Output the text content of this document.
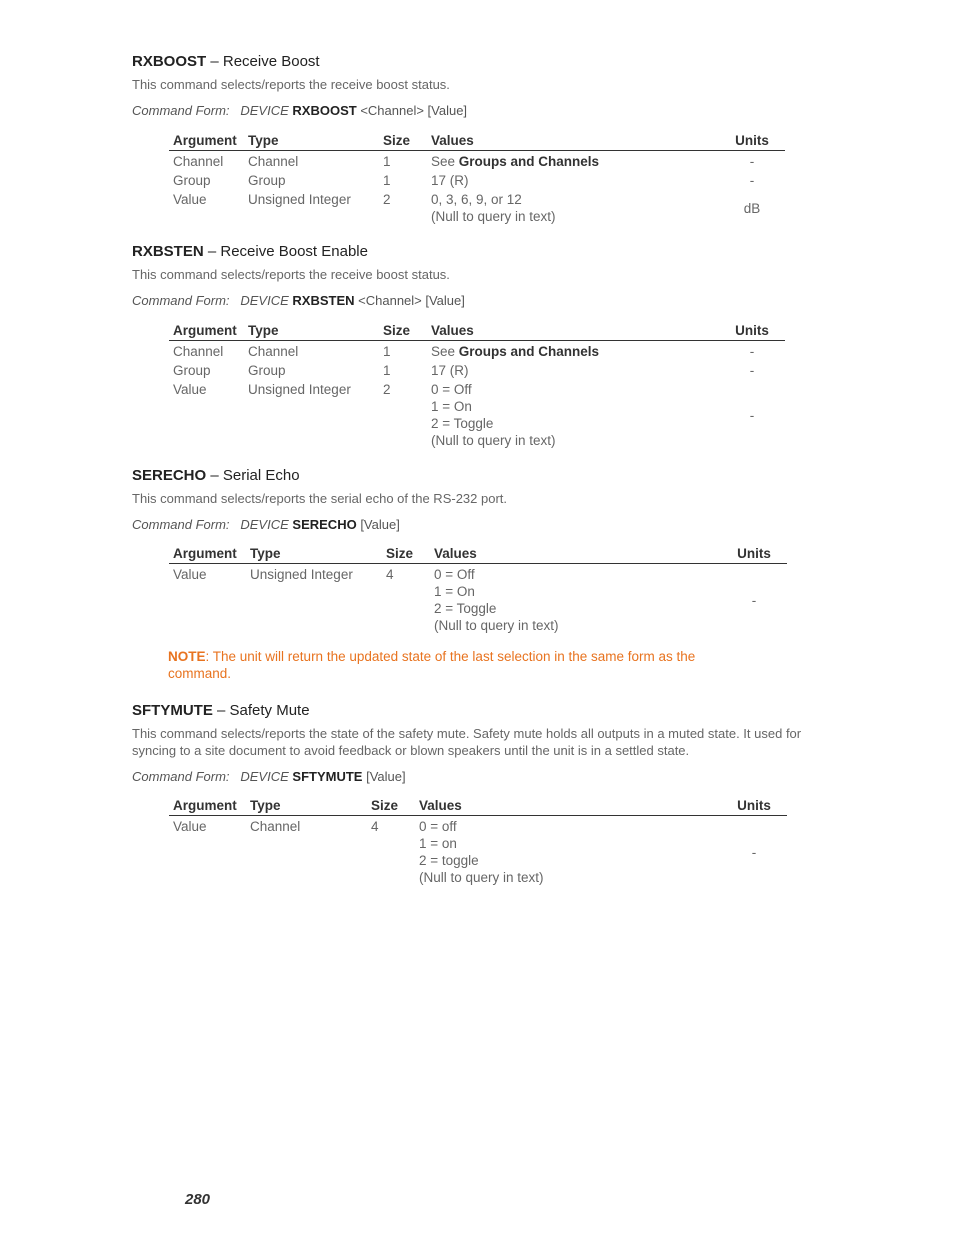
RXBOOST – Receive Boost
This command selects/reports the receive boost status.
Command Form: DEVICE RXBOOST <Channel> [Value]
Argument	Type	Size	Values	Units
Channel	Channel	1	See Groups and Channels	-
Group	Group	1	17 (R)	-
Value	Unsigned Integer	2	0, 3, 6, 9, or 12
(Null to query in text)	dB
RXBSTEN – Receive Boost Enable
This command selects/reports the receive boost status.
Command Form: DEVICE RXBSTEN <Channel> [Value]
Argument	Type	Size	Values	Units
Channel	Channel	1	See Groups and Channels	-
Group	Group	1	17 (R)	-
Value	Unsigned Integer	2	0 = Off
1 = On
2 = Toggle
(Null to query in text)	-
SERECHO – Serial Echo
This command selects/reports the serial echo of the RS-232 port.
Command Form: DEVICE SERECHO [Value]
Argument	Type	Size	Values	Units
Value	Unsigned Integer	4	0 = Off
1 = On
2 = Toggle
(Null to query in text)	-
NOTE: The unit will return the updated state of the last selection in the same form as the command.
SFTYMUTE – Safety Mute
This command selects/reports the state of the safety mute. Safety mute holds all outputs in a muted state. It used for syncing to a site document to avoid feedback or blown speakers until the unit is in a settled state.
Command Form: DEVICE SFTYMUTE [Value]
Argument	Type	Size	Values	Units
Value	Channel	4	0 = off
1 = on
2 = toggle
(Null to query in text)	-
280
